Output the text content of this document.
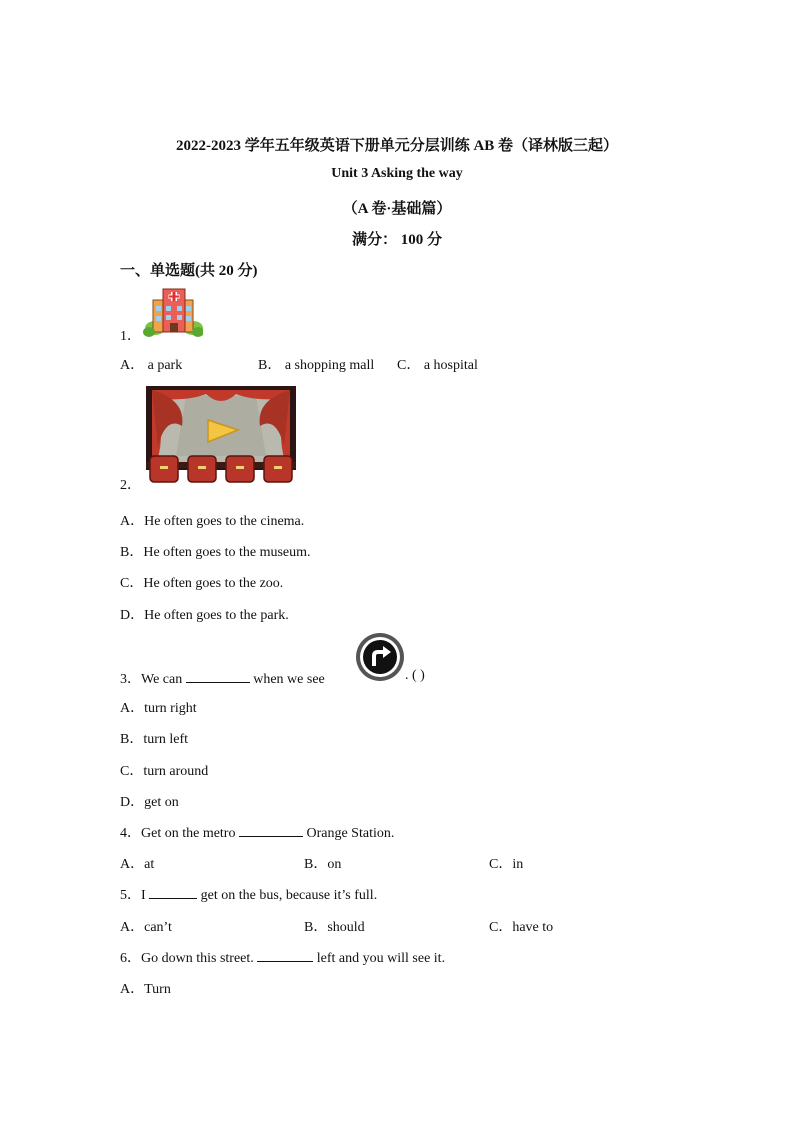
2022-2023 学年五年级英语下册单元分层训练 AB 卷（译林版三起）
Unit 3 Asking the way
（A 卷·基础篇）
满分： 100 分
一、单选题(共 20 分)
1．
A． a park	B． a shopping mall C． a hospital
2．
A．He often goes to the cinema.
B．He often goes to the museum.
C．He often goes to the zoo.
D．He often goes to the park.
3．We can	when we see	. ( )
A．turn right
B．turn left
C．turn around
D．get on
4．Get on the metro	Orange Station.
A．at	B．on	C．in
5．I	get on the bus, because it’s full.
A．can’t	B．should	C．have to
6．Go down this street.	left and you will see it.
A．Turn
